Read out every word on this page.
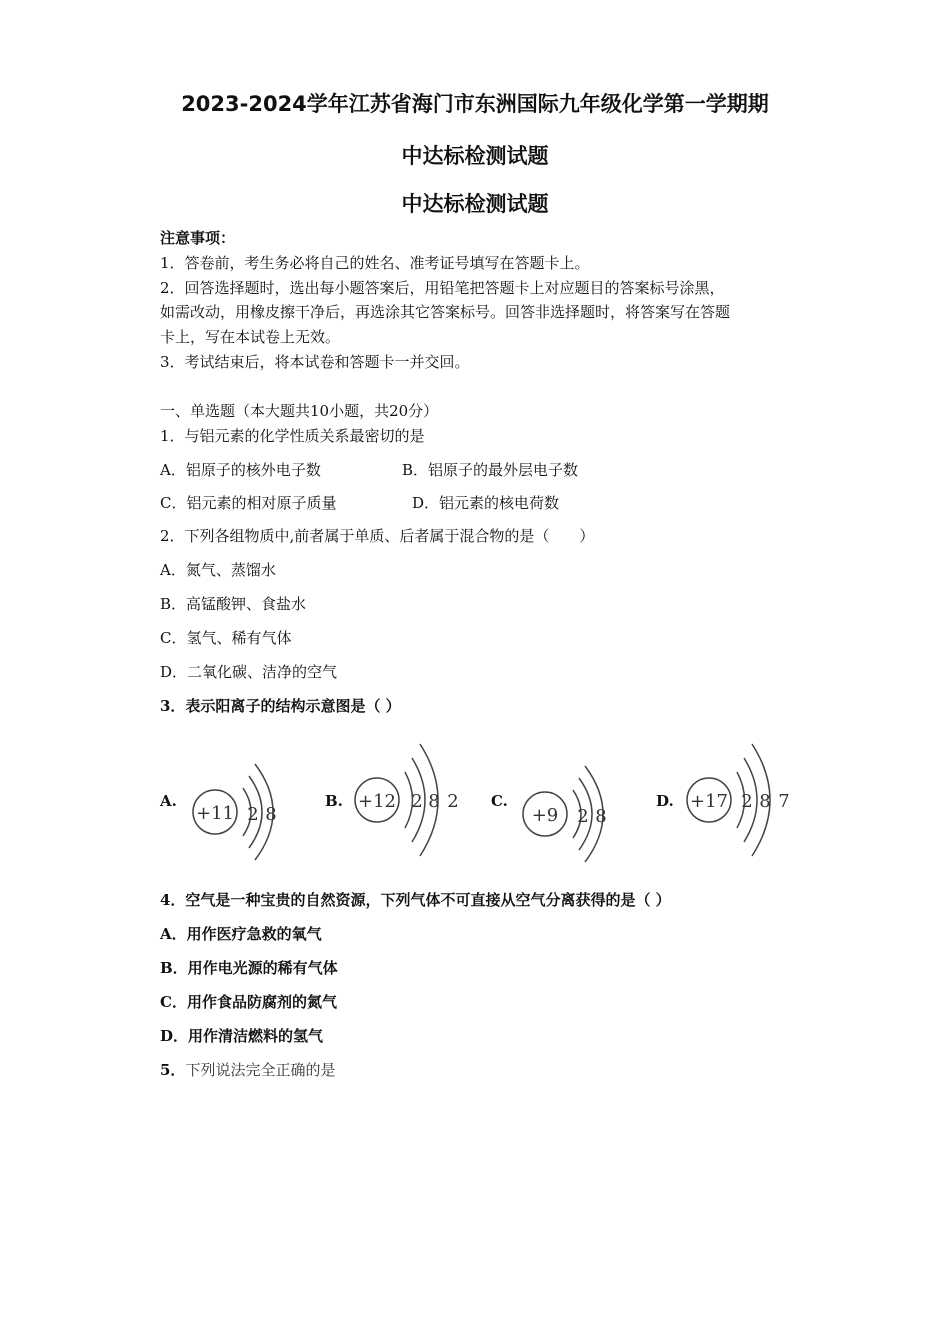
2023-2024学年江苏省海门市东洲国际九年级化学第一学期期
中达标检测试题
中达标检测试题
注意事项：
1．答卷前，考生务必将自己的姓名、准考证号填写在答题卡上。
2．回答选择题时，选出每小题答案后，用铅笔把答题卡上对应题目的答案标号涂黑，
如需改动，用橡皮擦干净后，再选涂其它答案标号。回答非选择题时，将答案写在答题
卡上，写在本试卷上无效。
3．考试结束后，将本试卷和答题卡一并交回。
一、单选题（本大题共10小题，共20分）
1．与铝元素的化学性质关系最密切的是
A．铝原子的核外电子数	B．铝原子的最外层电子数
C．铝元素的相对原子质量	D．铝元素的核电荷数
2．下列各组物质中,前者属于单质、后者属于混合物的是（　　）
A．氮气、蒸馏水
B．高锰酸钾、食盐水
C．氢气、稀有气体
D．二氧化碳、洁净的空气
3．表示阳离子的结构示意图是（ ）
A.
+11 2 8
B. +12 2 8 2 C.
+9 2 8
D. +17 2 8 7
4．空气是一种宝贵的自然资源，下列气体不可直接从空气分离获得的是（ ）
A．用作医疗急救的氧气
B．用作电光源的稀有气体
C．用作食品防腐剂的氮气
D．用作清洁燃料的氢气
5．下列说法完全正确的是
